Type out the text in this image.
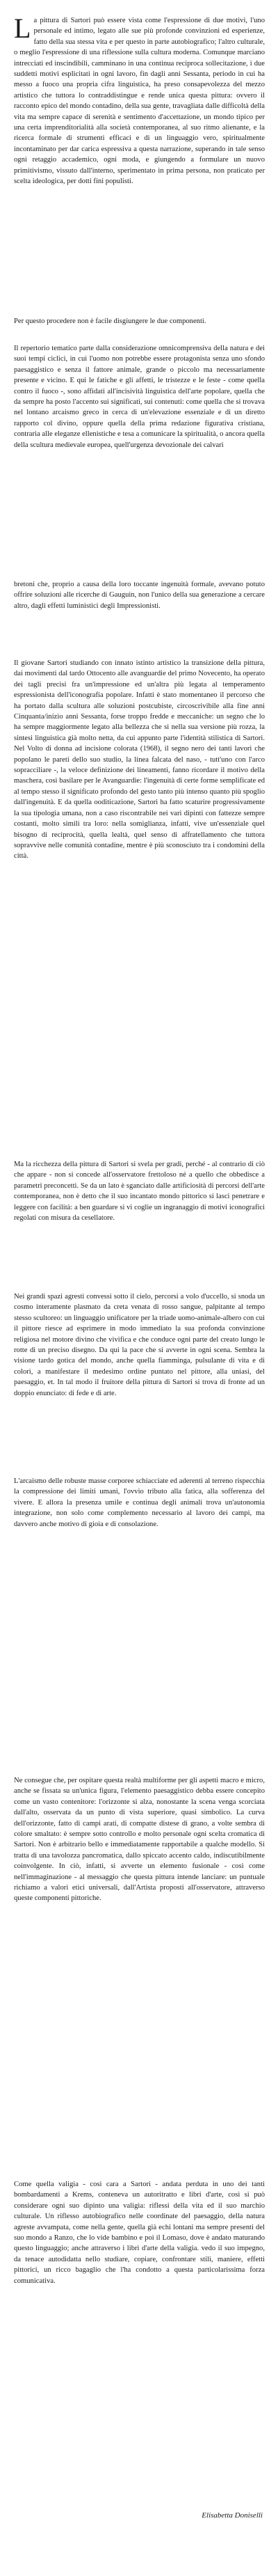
La pittura di Sartori può essere vista come l'espressione di due motivi, l'uno personale ed intimo, legato alle sue più profonde convinzioni ed esperienze, fatto della sua stessa vita e per questo in parte autobiografico; l'altro culturale, o meglio l'espressione di una riflessione sulla cultura moderna. Comunque marciano intrecciati ed inscindibili, camminano in una continua reciproca sollecitazione, i due suddetti motivi esplicitati in ogni lavoro, fin dagli anni Sessanta, periodo in cui ha messo a fuoco una propria cifra linguistica, ha preso consapevolezza del mezzo artistico che tuttora lo contraddistingue e rende unica questa pittura: ovvero il racconto epico del mondo contadino, della sua gente, travagliata dalle difficoltà della vita ma sempre capace di serenità e sentimento d'accettazione, un mondo tipico per una certa imprenditorialità alla società contemporanea, al suo ritmo alienante, e la ricerca formale di strumenti efficaci e di un linguaggio vero, spiritualmente incontaminato per dar carica espressiva a questa narrazione, superando in tale senso ogni retaggio accademico, ogni moda, e giungendo a formulare un nuovo primitivismo, vissuto dall'interno, sperimentato in prima persona, non praticato per scelta ideologica, per dotti fini populisti.

Per questo procedere non è facile disgiungere le due componenti.

Il repertorio tematico parte dalla considerazione omnicomprensiva della natura e dei suoi tempi ciclici, in cui l'uomo non potrebbe essere protagonista senza uno sfondo paesaggistico e senza il fattore animale, grande o piccolo ma necessariamente presente e vicino. E qui le fatiche e gli affetti, le tristezze e le feste - come quella contro il fuoco -, sono affidati all'incisività linguistica dell'arte popolare, quella che da sempre ha posto l'accento sui significati, sui contenuti: come quella che si trovava nel lontano arcaismo greco in cerca di un'elevazione essenziale e di un diretto rapporto col divino, oppure quella della prima redazione figurativa cristiana, contraria alle eleganze ellenistiche e tesa a comunicare la spiritualità, o ancora quella della scultura medievale europea, quell'urgenza devozionale dei calvari

bretoni che, proprio a causa della loro toccante ingenuità formale, avevano potuto offrire soluzioni alle ricerche di Gauguin, non l'unico della sua generazione a cercare altro, dagli effetti luministici degli Impressionisti.

Il giovane Sartori studiando con innato istinto artistico la transizione della pittura, dai movimenti dal tardo Ottocento alle avanguardie del primo Novecento, ha operato dei tagli precisi fra un'impressione ed un'altra più legata al temperamento espressionista dell'iconografia popolare. Infatti è stato momentaneo il percorso che ha portato dalla scultura alle soluzioni postcubiste, circoscrivibile alla fine anni Cinquanta/inizio anni Sessanta, forse troppo fredde e meccaniche: un segno che lo ha sempre maggiormente legato alla bellezza che si nella sua versione più rozza, la sintesi linguistica già molto netta, da cui appunto parte l'identità stilistica di Sartori. Nel Volto di donna ad incisione colorata (1968), il segno nero dei tanti lavori che popolano le pareti dello suo studio, la linea falcata del naso, - tutt'uno con l'arco sopracciliare -, la veloce definizione dei lineamenti, fanno ricordare il motivo della maschera, così basilare per le Avanguardie: l'ingenuità di certe forme semplificate ed al tempo stesso il significato profondo del gesto tanto più intenso quanto più spoglio dall'ingenuità. E da quella ooditicazione, Sartori ha fatto scaturire progressivamente la sua tipologia umana, non a caso riscontrabile nei vari dipinti con fattezze sempre costanti, molto simili tra loro: nella somiglianza, infatti, vive un'essenziale quel bisogno di reciprocità, quella lealtà, quel senso di affratellamento che tuttora sopravvive nelle comunità contadine, mentre è più sconosciuto tra i condomini della città.

Ma la ricchezza della pittura di Sartori si svela per gradi, perché - al contrario di ciò che appare - non si concede all'osservatore frettoloso né a quello che obbedisce a parametri preconcetti. Se da un lato è sganciato dalle artificiosità di percorsi dell'arte contemporanea, non è detto che il suo incantato mondo pittorico si lasci penetrare e leggere con facilità: a ben guardare si vi coglie un ingranaggio di motivi iconografici regolati con misura da cesellatore.

Nei grandi spazi agresti convessi sotto il cielo, percorsi a volo d'uccello, si snoda un cosmo interamente plasmato da creta venata di rosso sangue, palpitante al tempo stesso scultoreo: un linguaggio unificatore per la triade uomo-animale-albero con cui il pittore riesce ad esprimere in modo immediato la sua profonda convinzione religiosa nel motore divino che vivifica e che conduce ogni parte del creato lungo le rotte di un preciso disegno. Da qui la pace che si avverte in ogni scena. Sembra la visione tardo gotica del mondo, anche quella fiamminga, pulsulante di vita e di colori, a manifestare il medesimo ordine puntato nel pittore, alla uniasi, del paesaggio, et. In tal modo il fruitore della pittura di Sartori si trova di fronte ad un doppio enunciato: di fede e di arte.

L'arcaismo delle robuste masse corporee schiacciate ed aderenti al terreno rispecchia la compressione dei limiti umani, l'ovvio tributo alla fatica, alla sofferenza del vivere. E allora la presenza umile e continua degli animali trova un'autonomia integrazione, non solo come complemento necessario al lavoro dei campi, ma davvero anche motivo di gioia e di consolazione.

Ne consegue che, per ospitare questa realtà multiforme per gli aspetti macro e micro, anche se fissata su un'unica figura, l'elemento paesaggistico debba essere concepito come un vasto contenitore: l'orizzonte si alza, nonostante la scena venga scorciata dall'alto, osservata da un punto di vista superiore, quasi simbolico. La curva dell'orizzonte, fatto di campi arati, di compatte distese di grano, a volte sembra di colore smaltato: è sempre sotto controllo e molto personale ogni scelta cromatica di Sartori. Non è arbitrario bello e immediatamente rapportabile a qualche modello. Si tratta di una tavolozza pancromatica, dallo spiccato accento caldo, indiscutibilmente coinvolgente. In ciò, infatti, si avverte un elemento fusionale - così come nell'immaginazione - al messaggio che questa pittura intende lanciare: un puntuale richiamo a valori etici universali, dall'Artista proposti all'osservatore, attraverso queste componenti pittoriche.

Come quella valigia - così cara a Sartori - andata perduta in uno dei tanti bombardamenti a Krems, conteneva un autoritratto e libri d'arte, così si può considerare ogni suo dipinto una valigia: riflessi della vita ed il suo marchio culturale. Un riflesso autobiografico nelle coordinate del paesaggio, della natura agreste avvampata, come nella gente, quella già echi lontani ma sempre presenti del suo mondo a Ranzo, che lo vide bambino e poi il Lomaso, dove è andato maturando questo linguaggio; anche attraverso i libri d'arte della valigia. vedo il suo impegno, da tenace autodidatta nello studiare, copiare, confrontare stili, maniere, effetti pittorici, un ricco bagaglio che l'ha condotto a questa particolarissima forza comunicativa.

Elisabetta Doniselli
